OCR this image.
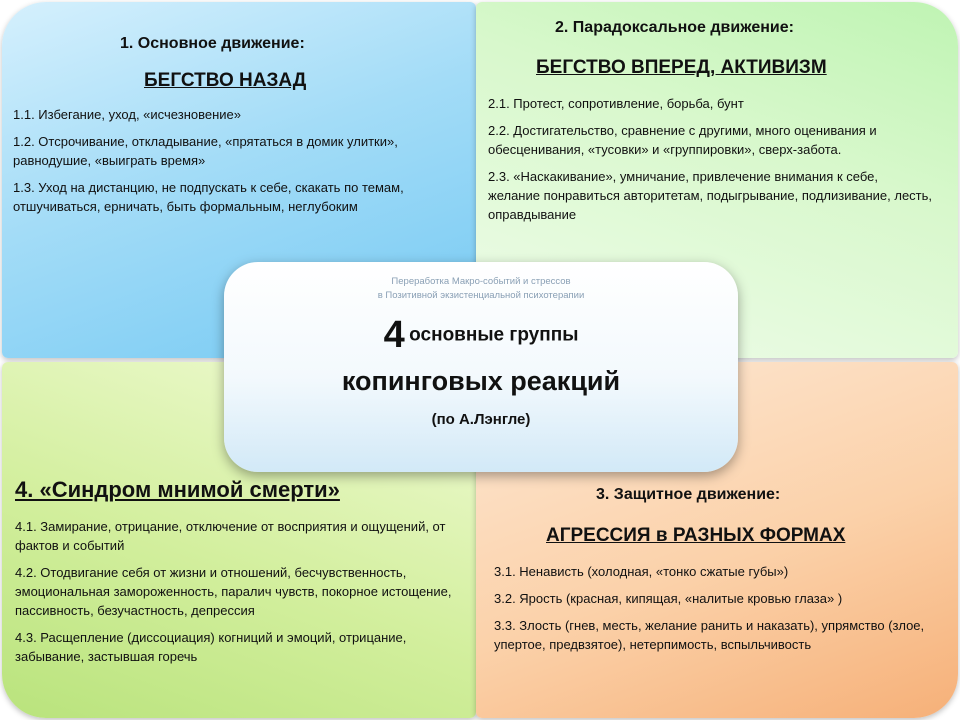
1. Основное движение:
БЕГСТВО НАЗАД
1.1. Избегание, уход, «исчезновение»
1.2. Отсрочивание, откладывание, «прятаться в домик улитки», равнодушие, «выиграть время»
1.3. Уход на дистанцию, не подпускать к себе, скакать по темам, отшучиваться, ерничать, быть формальным, неглубоким
2. Парадоксальное движение:
БЕГСТВО ВПЕРЕД, АКТИВИЗМ
2.1. Протест, сопротивление, борьба, бунт
2.2. Достигательство, сравнение с другими, много оценивания и обесценивания, «тусовки» и «группировки», сверх-забота.
2.3. «Наскакивание», умничание, привлечение внимания к себе, желание понравиться авторитетам, подыгрывание, подлизивание, лесть, оправдывание
4. «Синдром мнимой смерти»
4.1. Замирание, отрицание, отключение от восприятия и ощущений, от фактов и событий
4.2. Отодвигание себя от жизни и отношений, бесчувственность, эмоциональная замороженность, паралич чувств, покорное истощение, пассивность, безучастность, депрессия
4.3. Расщепление (диссоциация) когниций и эмоций, отрицание, забывание, застывшая горечь
3. Защитное движение:
АГРЕССИЯ в РАЗНЫХ ФОРМАХ
3.1. Ненависть (холодная, «тонко сжатые губы»)
3.2. Ярость (красная, кипящая, «налитые кровью глаза» )
3.3. Злость (гнев, месть, желание ранить и наказать), упрямство (злое, упертое, предвзятое), нетерпимость, вспыльчивость
Переработка Макро-событий и стрессов
в Позитивной экзистенциальной психотерапии
4 основные группы
копинговых реакций
(по А.Лэнгле)
